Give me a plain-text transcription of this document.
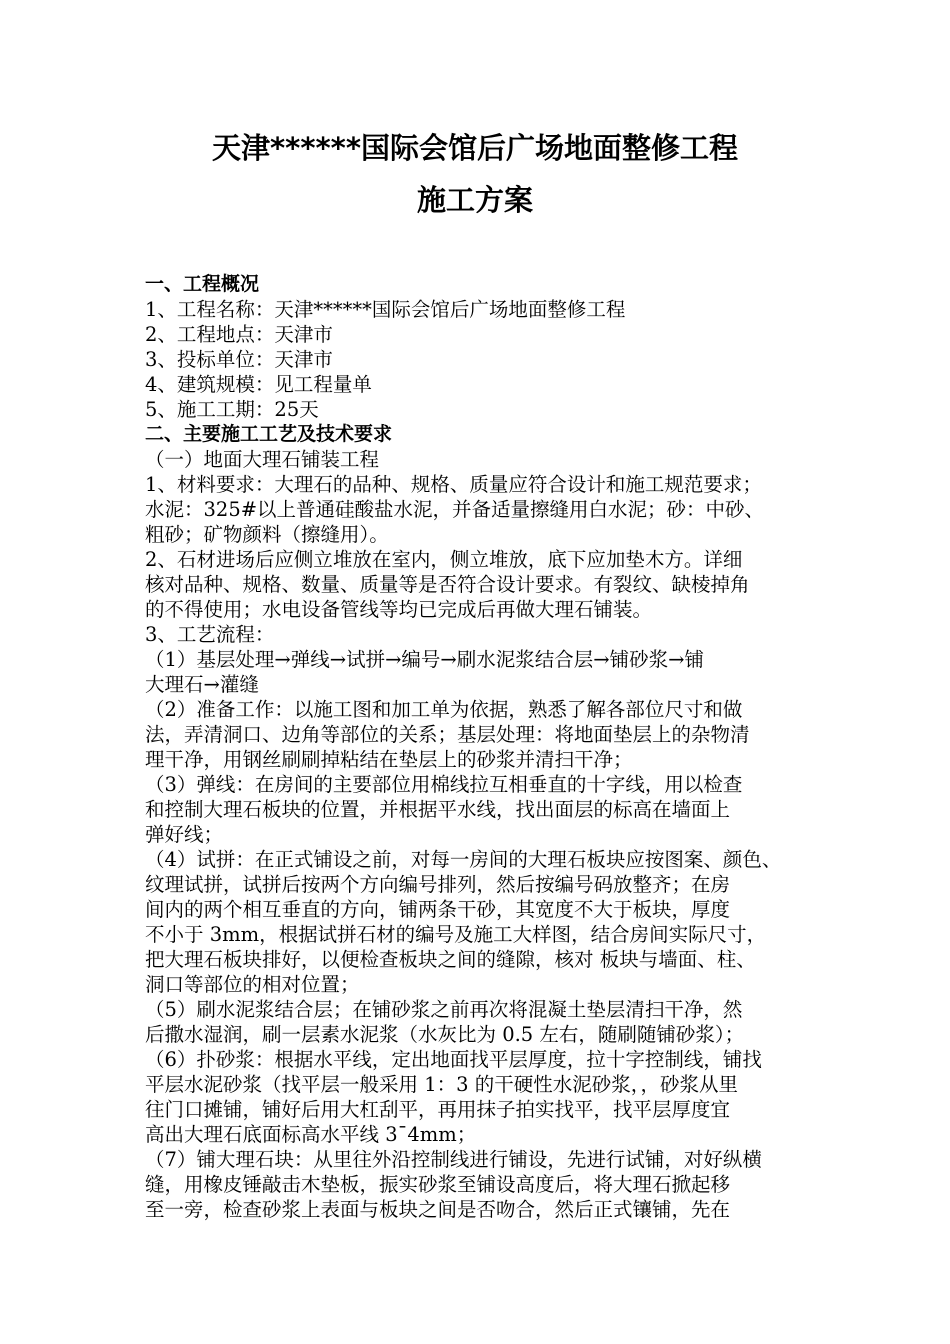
天津******国际会馆后广场地面整修工程
施工方案
一、工程概况
1、工程名称：天津******国际会馆后广场地面整修工程
2、工程地点：天津市
3、投标单位：天津市
4、建筑规模：见工程量单
5、施工工期：25天
二、主要施工工艺及技术要求
（一）地面大理石铺装工程
1、材料要求：大理石的品种、规格、质量应符合设计和施工规范要求；
水泥：325#以上普通硅酸盐水泥，并备适量擦缝用白水泥；砂：中砂、
粗砂；矿物颜料（擦缝用）。
2、石材进场后应侧立堆放在室内，侧立堆放，底下应加垫木方。详细
核对品种、规格、数量、质量等是否符合设计要求。有裂纹、缺棱掉角
的不得使用；水电设备管线等均已完成后再做大理石铺装。
3、工艺流程：
（1）基层处理→弹线→试拼→编号→刷水泥浆结合层→铺砂浆→铺
大理石→灌缝
（2）准备工作：以施工图和加工单为依据，熟悉了解各部位尺寸和做
法，弄清洞口、边角等部位的关系；基层处理：将地面垫层上的杂物清
理干净，用钢丝刷刷掉粘结在垫层上的砂浆并清扫干净；
（3）弹线：在房间的主要部位用棉线拉互相垂直的十字线，用以检查
和控制大理石板块的位置，并根据平水线，找出面层的标高在墙面上
弹好线；
（4）试拼：在正式铺设之前，对每一房间的大理石板块应按图案、颜色、
纹理试拼，试拼后按两个方向编号排列，然后按编号码放整齐；在房
间内的两个相互垂直的方向，铺两条干砂，其宽度不大于板块，厚度
不小于 3mm，根据试拼石材的编号及施工大样图，结合房间实际尺寸，
把大理石板块排好，以便检查板块之间的缝隙，核对 板块与墙面、柱、
洞口等部位的相对位置；
（5）刷水泥浆结合层；在铺砂浆之前再次将混凝土垫层清扫干净，然
后撒水湿润，刷一层素水泥浆（水灰比为 0.5 左右，随刷随铺砂浆）；
（6）扑砂浆：根据水平线，定出地面找平层厚度，拉十字控制线，铺找
平层水泥砂浆（找平层一般采用 1：3 的干硬性水泥砂浆，，砂浆从里
往门口摊铺，铺好后用大杠刮平，再用抹子拍实找平，找平层厚度宜
高出大理石底面标高水平线 3¯4mm；
（7）铺大理石块：从里往外沿控制线进行铺设，先进行试铺，对好纵横
缝，用橡皮锤敲击木垫板，振实砂浆至铺设高度后，将大理石掀起移
至一旁，检查砂浆上表面与板块之间是否吻合，然后正式镶铺，先在
